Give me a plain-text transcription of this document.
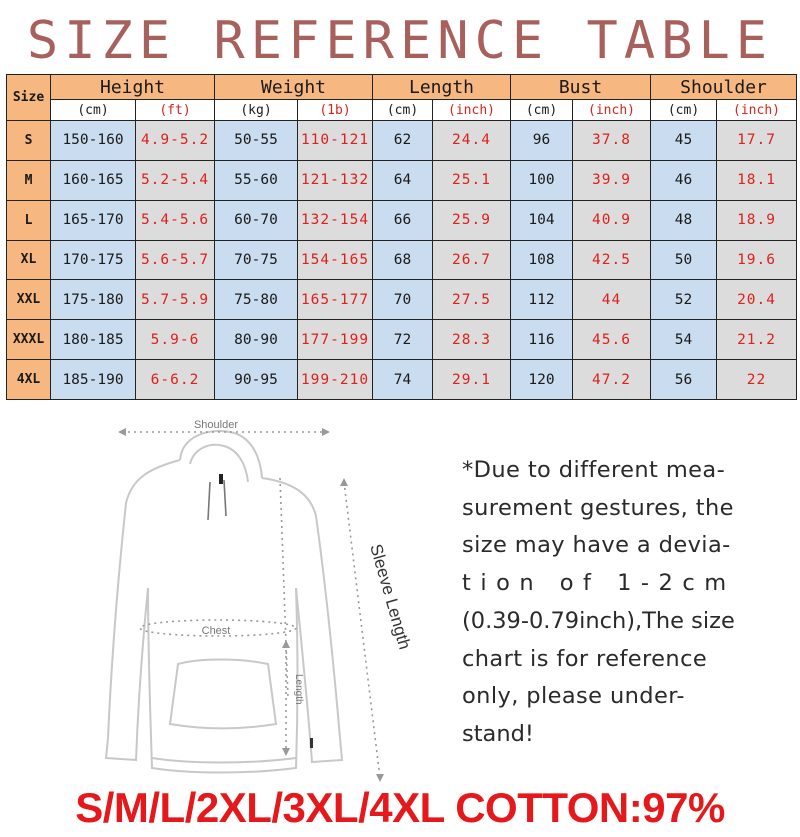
SIZE REFERENCE TABLE
Size	Height		Weight		Length		Bust		Shoulder	
	(cm)	(ft)	(kg)	(1b)	(cm)	(inch)	(cm)	(inch)	(cm)	(inch)
S	150-160	4.9-5.2	50-55	110-121	62	24.4	96	37.8	45	17.7
M	160-165	5.2-5.4	55-60	121-132	64	25.1	100	39.9	46	18.1
L	165-170	5.4-5.6	60-70	132-154	66	25.9	104	40.9	48	18.9
XL	170-175	5.6-5.7	70-75	154-165	68	26.7	108	42.5	50	19.6
XXL	175-180	5.7-5.9	75-80	165-177	70	27.5	112	44	52	20.4
XXXL	180-185	5.9-6	80-90	177-199	72	28.3	116	45.6	54	21.2
4XL	185-190	6-6.2	90-95	199-210	74	29.1	120	47.2	56	22
Shoulder
Chest
Length
Sleeve Length
*Due to different mea-
surement gestures, the
size may have a devia-
tion of 1-2cm
(0.39-0.79inch),The size
chart is for reference
only, please under-
stand!
S/M/L/2XL/3XL/4XL COTTON:97%
